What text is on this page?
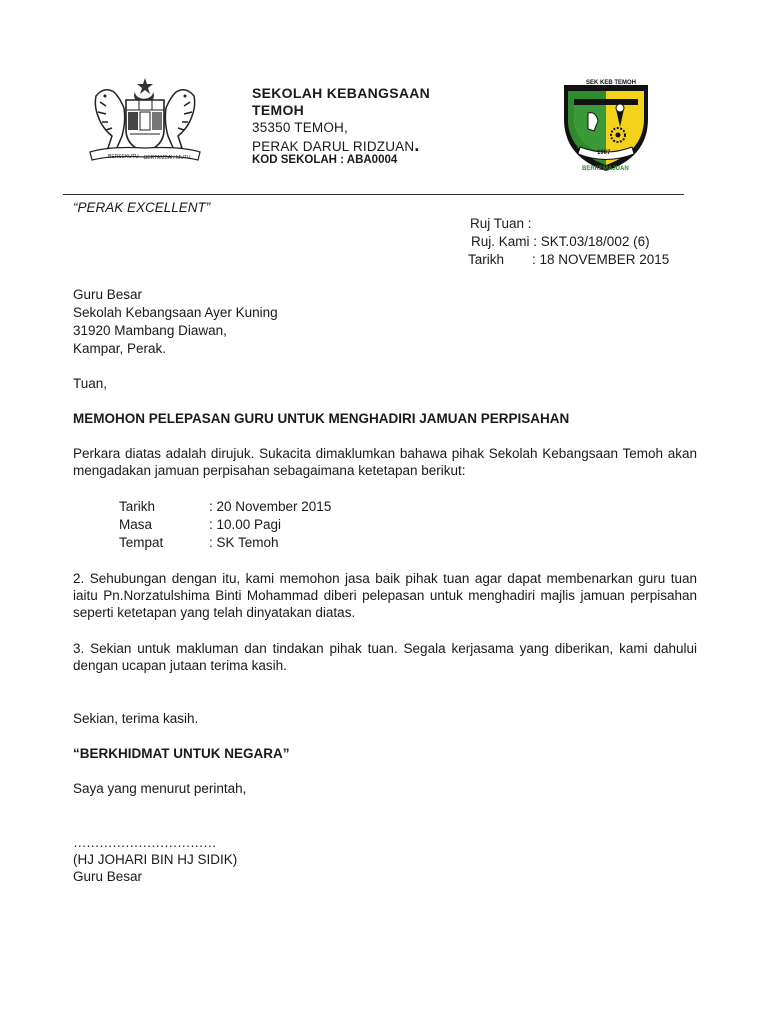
BERSEKUTU BERTAMBAH MUTU
SEKOLAH KEBANGSAAN
TEMOH
35350 TEMOH,
PERAK DARUL RIDZUAN.
KOD SEKOLAH : ABA0004
SEK KEB TEMOH
1907
BERKEMAJUAN
“PERAK EXCELLENT”
Ruj Tuan :
Ruj. Kami : SKT.03/18/002 (6)
Tarikh : 18 NOVEMBER 2015
Guru Besar
Sekolah Kebangsaan Ayer Kuning
31920 Mambang Diawan,
Kampar, Perak.
Tuan,
MEMOHON PELEPASAN GURU UNTUK MENGHADIRI JAMUAN PERPISAHAN
Perkara diatas adalah dirujuk. Sukacita dimaklumkan bahawa pihak Sekolah Kebangsaan Temoh akan mengadakan jamuan perpisahan sebagaimana ketetapan berikut:
Tarikh	: 20 November 2015
Masa	: 10.00 Pagi
Tempat	: SK Temoh
2. Sehubungan dengan itu, kami memohon jasa baik pihak tuan agar dapat membenarkan guru tuan iaitu Pn.Norzatulshima Binti Mohammad diberi pelepasan untuk menghadiri majlis jamuan perpisahan seperti ketetapan yang telah dinyatakan diatas.
3. Sekian untuk makluman dan tindakan pihak tuan. Segala kerjasama yang diberikan, kami dahului dengan ucapan jutaan terima kasih.
Sekian, terima kasih.
“BERKHIDMAT UNTUK NEGARA”
Saya yang menurut perintah,
……………………………
(HJ JOHARI BIN HJ SIDIK)
Guru Besar
